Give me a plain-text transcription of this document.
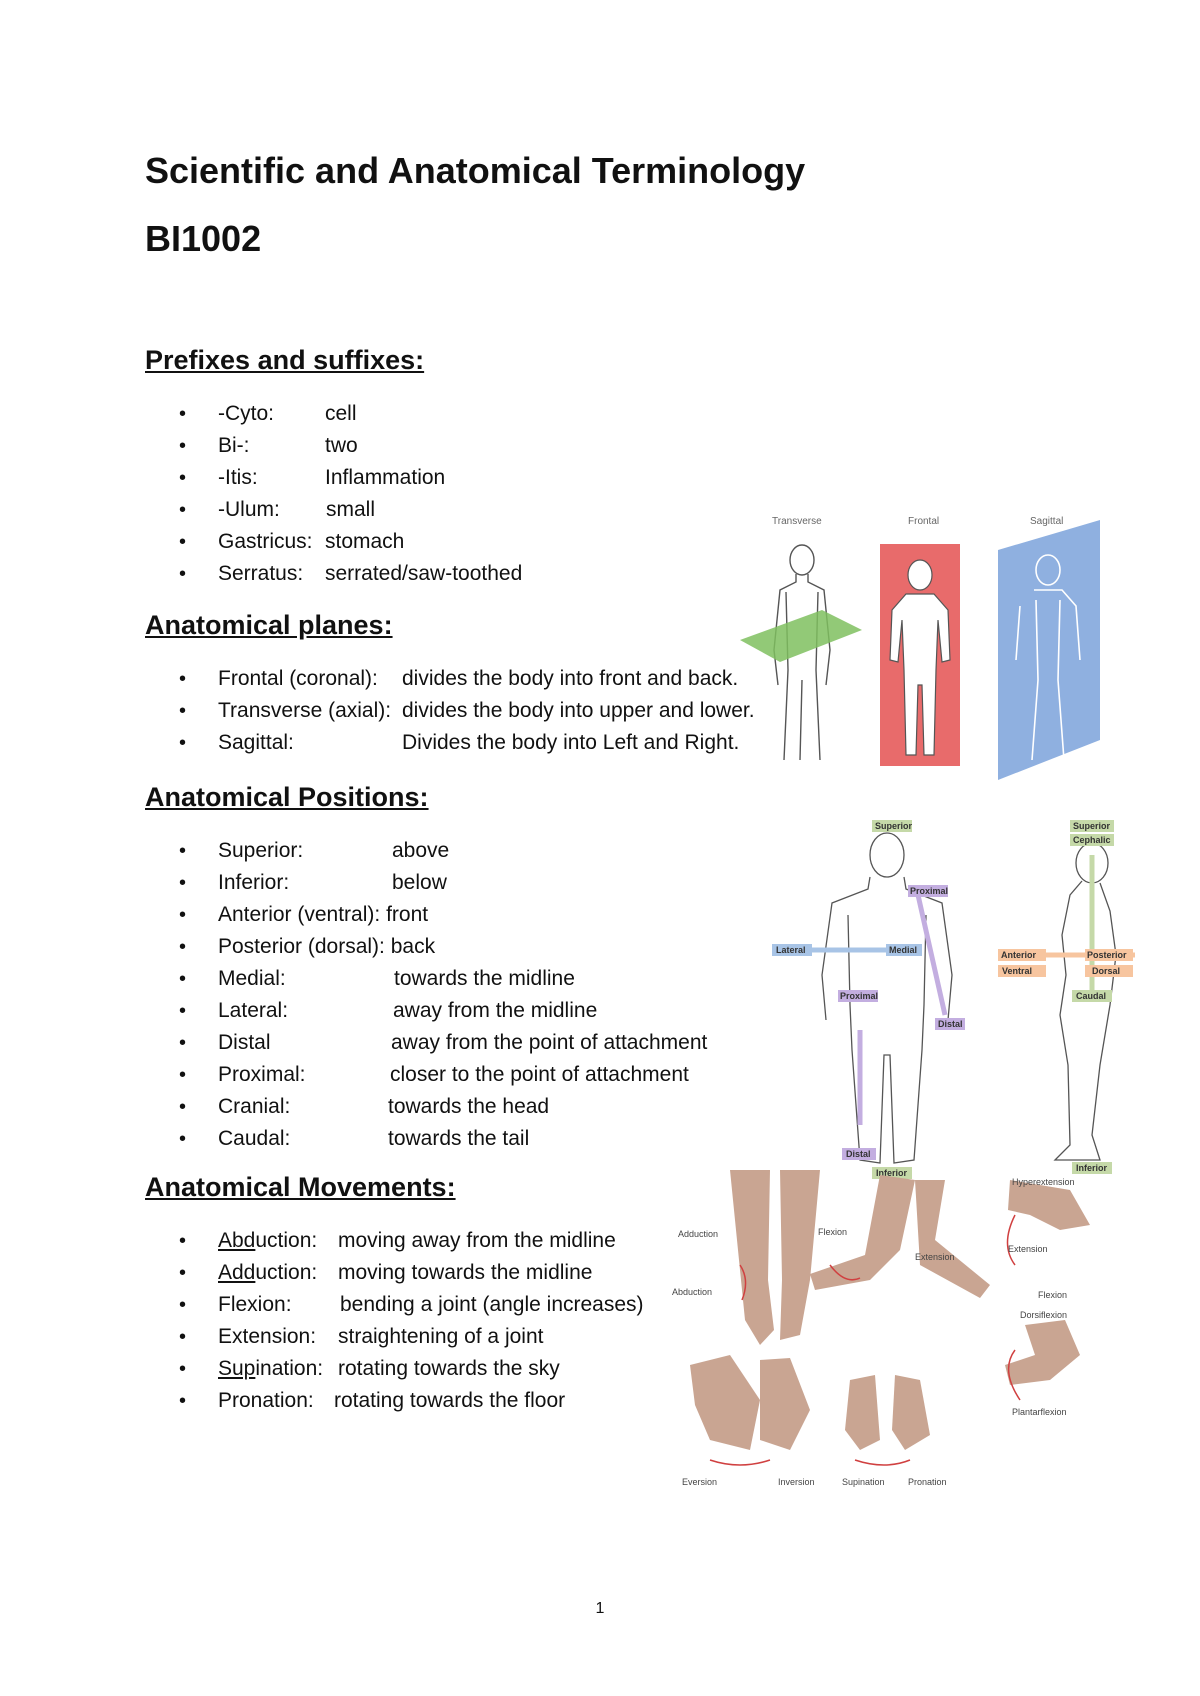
Scientific and Anatomical Terminology
BI1002
Prefixes and suffixes:
• -Cyto: cell
• Bi-:	two
• -Itis:	Inflammation
• -Ulum: small
• Gastricus: stomach
• Serratus: serrated/saw-toothed
Anatomical planes:
• Frontal (coronal): divides the body into front and back.
• Transverse (axial): divides the body into upper and lower.
• Sagittal:	Divides the body into Left and Right.
Anatomical Positions:
• Superior:	above
• Inferior:	below
• Anterior (ventral): front
• Posterior (dorsal): back
• Medial:	towards the midline
• Lateral:	away from the midline
• Distal	away from the point of attachment
• Proximal:	closer to the point of attachment
• Cranial:	towards the head
• Caudal:	towards the tail
Anatomical Movements:
• Abduction: moving away from the midline
• Adduction: moving towards the midline
• Flexion: bending a joint (angle increases)
• Extension: straightening of a joint
• Supination: rotating towards the sky
• Pronation: rotating towards the floor
Transverse	Frontal	Sagittal
Superior
Inferior
Proximal
Proximal
Distal
Distal
Lateral	Medial
Superior
Cephalic
Caudal
Inferior
Anterior
Ventral
Posterior
Dorsal
Adduction
Abduction
Flexion
Extension
Hyperextension
Extension
Flexion
Dorsiflexion
Plantarflexion
Eversion	Inversion	Supination	Pronation
1
